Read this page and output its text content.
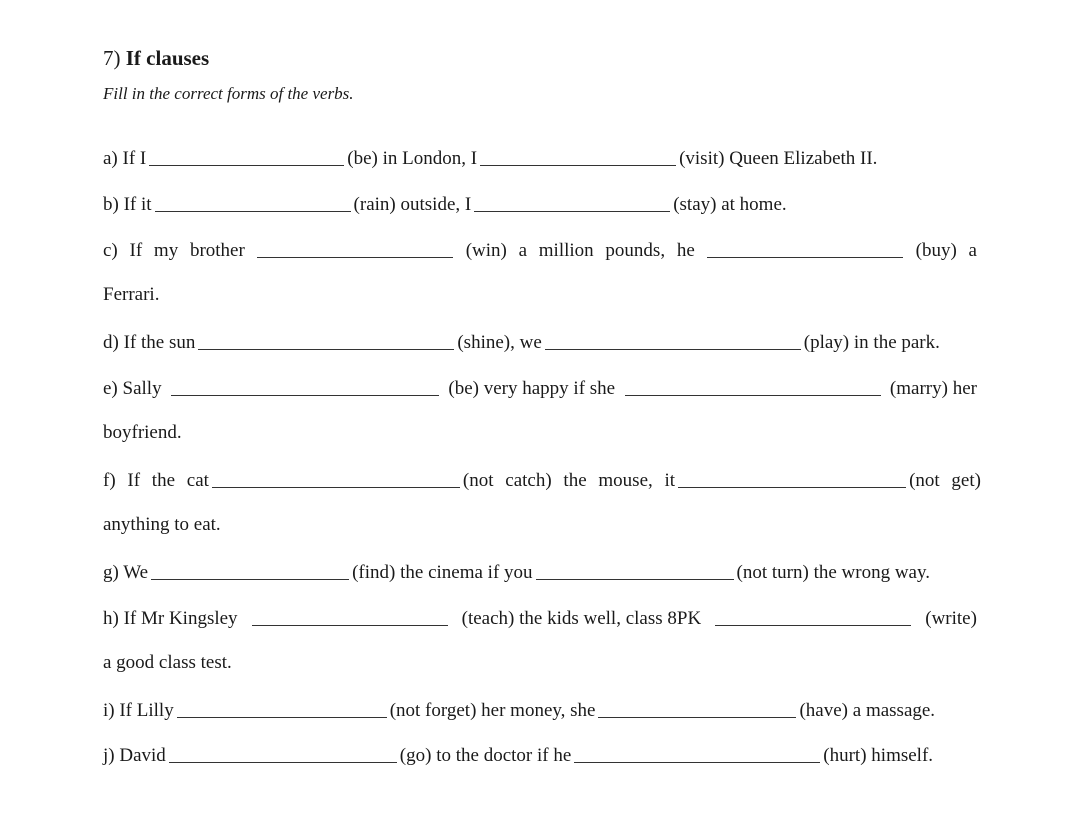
7) If clauses
Fill in the correct forms of the verbs.
a) If I	(be) in London, I	(visit) Queen Elizabeth II.
b) If it	(rain) outside, I	(stay) at home.
c) If my brother	(win) a million pounds, he	(buy) a
Ferrari.
d) If the sun	(shine), we	(play) in the park.
e) Sally	(be) very happy if she	(marry) her
boyfriend.
f) If the cat	(not catch) the mouse, it	(not get)
anything to eat.
g) We	(find) the cinema if you	(not turn) the wrong way.
h) If Mr Kingsley	(teach) the kids well, class 8PK	(write)
a good class test.
i) If Lilly	(not forget) her money, she	(have) a massage.
j) David	(go) to the doctor if he	(hurt) himself.
